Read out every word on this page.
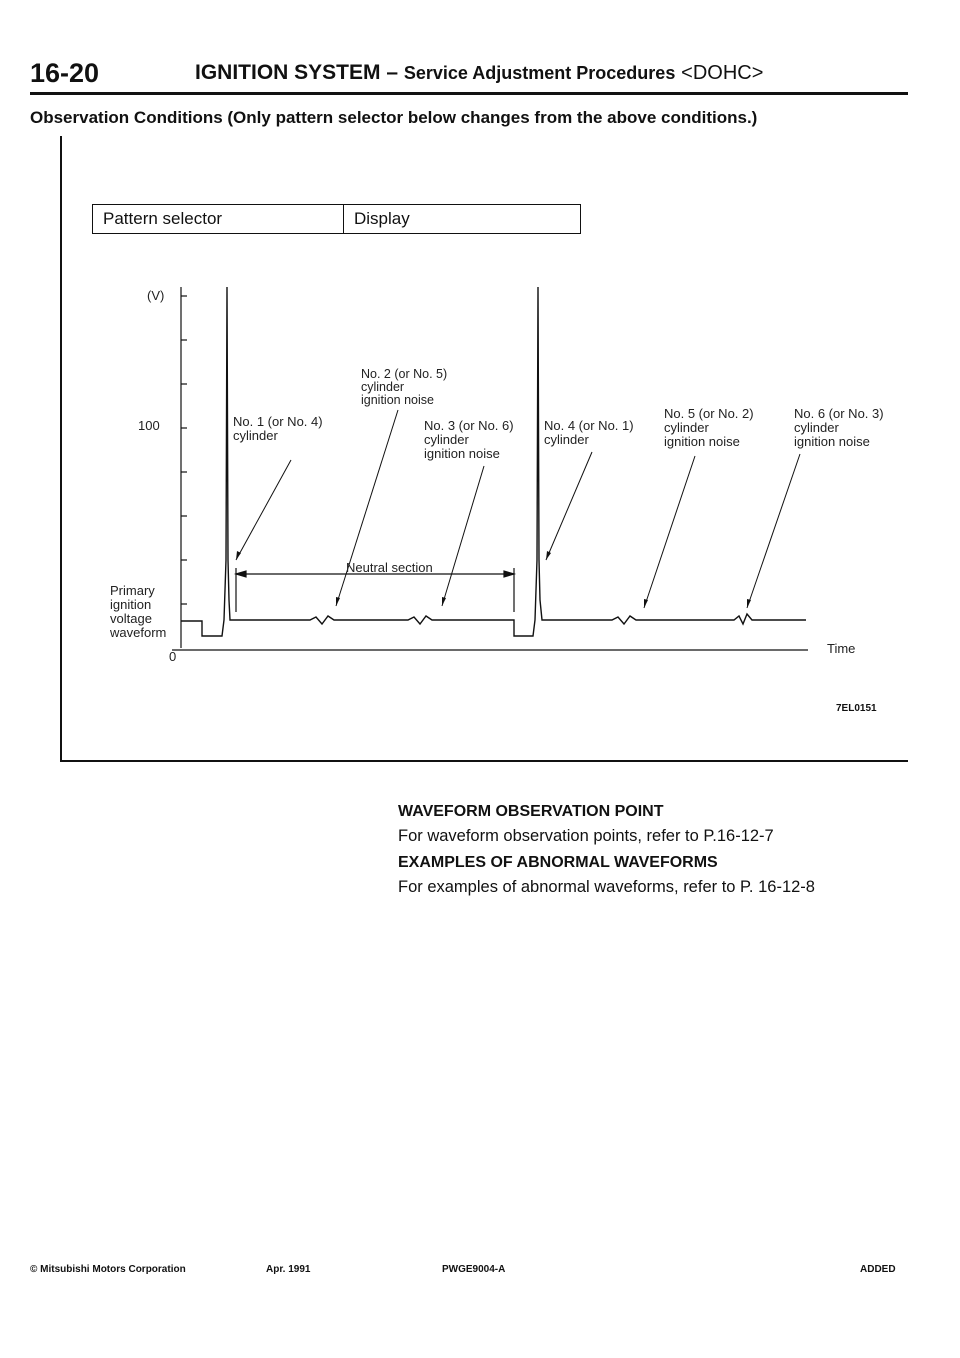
16-20	IGNITION SYSTEM – Service Adjustment Procedures <DOHC>
Observation Conditions (Only pattern selector below changes from the above conditions.)
Pattern selector	Display
(V)
100
0
Time
Primary
ignition
voltage
waveform
Neutral section
No. 1 (or No. 4)
cylinder
No. 2 (or No. 5)
cylinder
ignition noise
No. 3 (or No. 6)
cylinder
ignition noise
No. 4 (or No. 1)
cylinder
No. 5 (or No. 2)
cylinder
ignition noise
No. 6 (or No. 3)
cylinder
ignition noise
7EL0151
WAVEFORM OBSERVATION POINT
For waveform observation points, refer to P.16-12-7
EXAMPLES OF ABNORMAL WAVEFORMS
For examples of abnormal waveforms, refer to P. 16-12-8
© Mitsubishi Motors Corporation	Apr. 1991	PWGE9004-A	ADDED
